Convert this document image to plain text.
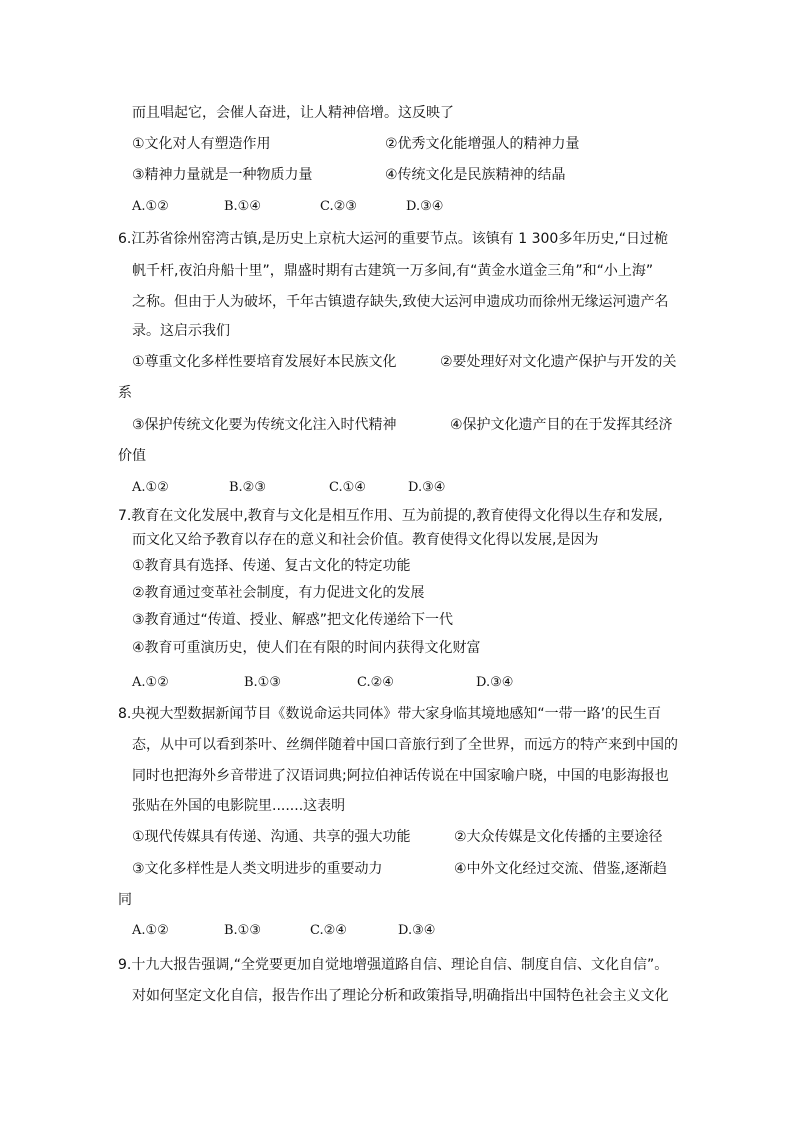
而且唱起它，会催人奋进，让人精神倍增。这反映了
①文化对人有塑造作用	②优秀文化能增强人的精神力量
③精神力量就是一种物质力量	④传统文化是民族精神的结晶
A.①②	B.①④	C.②③	D.③④
6.江苏省徐州窑湾古镇,是历史上京杭大运河的重要节点。该镇有 1 300多年历史,“日过桅
帆千杆,夜泊舟船十里”，鼎盛时期有古建筑一万多间,有“黄金水道金三角”和“小上海”
之称。但由于人为破坏，千年古镇遗存缺失,致使大运河申遗成功而徐州无缘运河遗产名
录。这启示我们
①尊重文化多样性要培育发展好本民族文化	②要处理好对文化遗产保护与开发的关
系
③保护传统文化要为传统文化注入时代精神	④保护文化遗产目的在于发挥其经济
价值
A.①②	B.②③	C.①④	D.③④
7.教育在文化发展中,教育与文化是相互作用、互为前提的,教育使得文化得以生存和发展,
而文化又给予教育以存在的意义和社会价值。教育使得文化得以发展,是因为
①教育具有选择、传递、复古文化的特定功能
②教育通过变革社会制度，有力促进文化的发展
③教育通过“传道、授业、解惑”把文化传递给下一代
④教育可重演历史，使人们在有限的时间内获得文化财富
A.①②	B.①③	C.②④	D.③④
8.央视大型数据新闻节目《数说命运共同体》带大家身临其境地感知“一带一路’的民生百
态，从中可以看到茶叶、丝绸伴随着中国口音旅行到了全世界，而远方的特产来到中国的
同时也把海外乡音带进了汉语词典;阿拉伯神话传说在中国家喻户晓，中国的电影海报也
张贴在外国的电影院里.......这表明
①现代传媒具有传递、沟通、共享的强大功能	②大众传媒是文化传播的主要途径
③文化多样性是人类文明进步的重要动力	④中外文化经过交流、借鉴,逐渐趋
同
A.①②	B.①③	C.②④	D.③④
9.十九大报告强调,“全党要更加自觉地增强道路自信、理论自信、制度自信、文化自信”。
对如何坚定文化自信，报告作出了理论分析和政策指导,明确指出中国特色社会主义文化
